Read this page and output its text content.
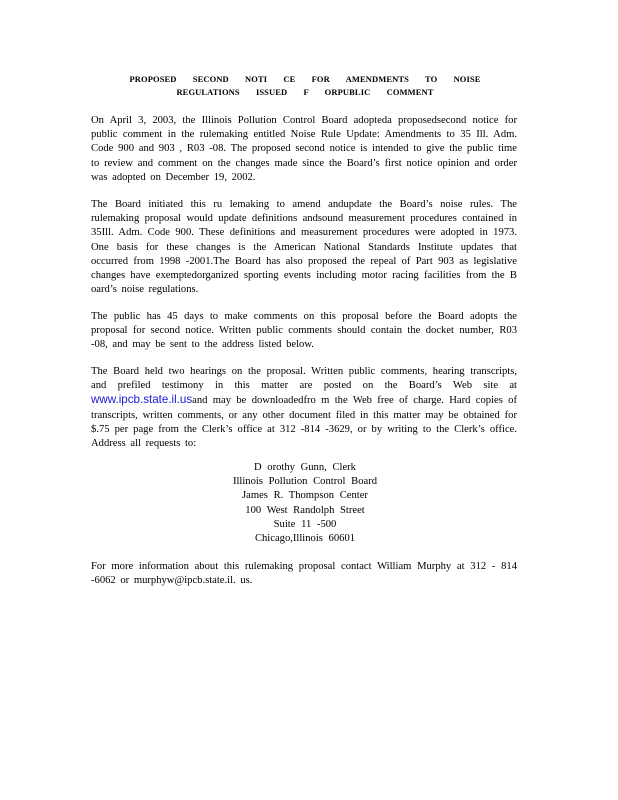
PROPOSED SECOND NOTI CE FOR AMENDMENTS TO NOISE
REGULATIONS ISSUED F ORPUBLIC COMMENT
On April 3, 2003, the Illinois Pollution Control Board adopteda proposedsecond notice for public comment in the rulemaking entitled Noise Rule Update: Amendments to 35 Ill. Adm. Code 900 and 903 , R03 -08. The proposed second notice is intended to give the public time to review and comment on the changes made since the Board’s first notice opinion and order was adopted on December 19, 2002.
The Board initiated this ru lemaking to amend andupdate the Board’s noise rules. The rulemaking proposal would update definitions andsound measurement procedures contained in 35Ill. Adm. Code 900. These definitions and measurement procedures were adopted in 1973. One basis for these changes is the American National Standards Institute updates that occurred from 1998 -2001.The Board has also proposed the repeal of Part 903 as legislative changes have exemptedorganized sporting events including motor racing facilities from the B oard’s noise regulations.
The public has 45 days to make comments on this proposal before the Board adopts the proposal for second notice. Written public comments should contain the docket number, R03 -08, and may be sent to the address listed below.
The Board held two hearings on the proposal. Written public comments, hearing transcripts, and prefiled testimony in this matter are posted on the Board’s Web site at www.ipcb.state.il.usand may be downloadedfro m the Web free of charge. Hard copies of transcripts, written comments, or any other document filed in this matter may be obtained for $.75 per page from the Clerk’s office at 312 -814 -3629, or by writing to the Clerk’s office. Address all requests to:
D orothy Gunn, Clerk
Illinois Pollution Control Board
James R. Thompson Center
100 West Randolph Street
Suite 11 -500
Chicago,Illinois 60601
For more information about this rulemaking proposal contact William Murphy at 312 - 814 -6062 or murphyw@ipcb.state.il. us.
